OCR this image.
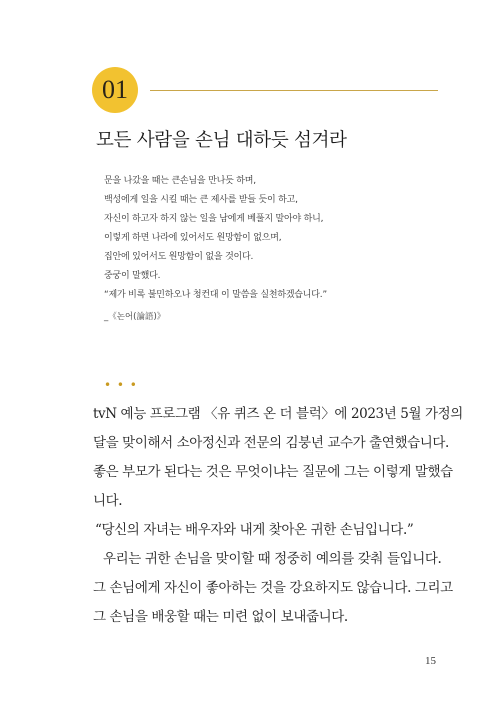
01
모든 사람을 손님 대하듯 섬겨라
문을 나갔을 때는 큰손님을 만나듯 하며,
백성에게 일을 시킬 때는 큰 제사를 받들 듯이 하고,
자신이 하고자 하지 않는 일을 남에게 베풀지 말아야 하니,
이렇게 하면 나라에 있어서도 원망함이 없으며,
집안에 있어서도 원망함이 없을 것이다.
중궁이 말했다.
“제가 비록 불민하오나 청컨대 이 말씀을 실천하겠습니다.”
_《논어(論語)》
• • •
tvN 예능 프로그램 〈유 퀴즈 온 더 블럭〉에 2023년 5월 가정의
달을 맞이해서 소아정신과 전문의 김붕년 교수가 출연했습니다.
좋은 부모가 된다는 것은 무엇이냐는 질문에 그는 이렇게 말했습
니다.
“당신의 자녀는 배우자와 내게 찾아온 귀한 손님입니다.”
우리는 귀한 손님을 맞이할 때 정중히 예의를 갖춰 들입니다.
그 손님에게 자신이 좋아하는 것을 강요하지도 않습니다. 그리고
그 손님을 배웅할 때는 미련 없이 보내줍니다.
15
